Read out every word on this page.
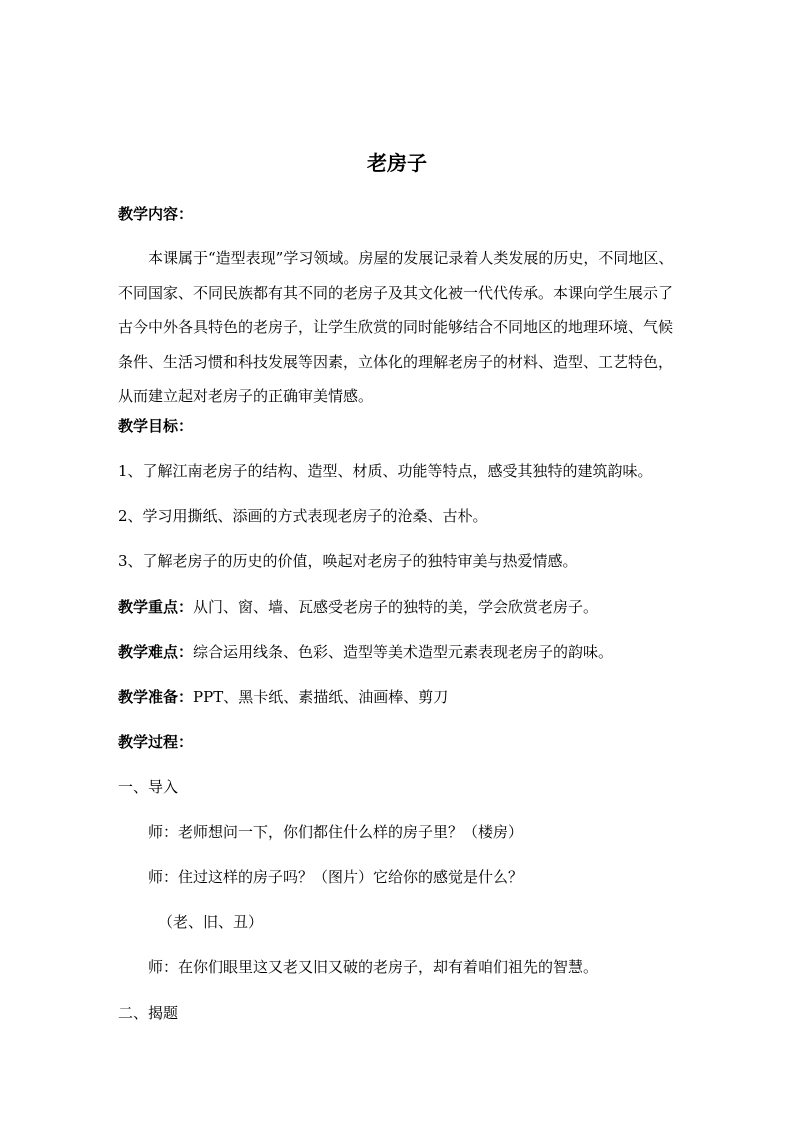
老房子
教学内容：
本课属于“造型表现”学习领域。房屋的发展记录着人类发展的历史，不同地区、不同国家、不同民族都有其不同的老房子及其文化被一代代传承。本课向学生展示了古今中外各具特色的老房子，让学生欣赏的同时能够结合不同地区的地理环境、气候条件、生活习惯和科技发展等因素，立体化的理解老房子的材料、造型、工艺特色，从而建立起对老房子的正确审美情感。
教学目标：
1、了解江南老房子的结构、造型、材质、功能等特点，感受其独特的建筑韵味。
2、学习用撕纸、添画的方式表现老房子的沧桑、古朴。
3、了解老房子的历史的价值，唤起对老房子的独特审美与热爱情感。
教学重点：从门、窗、墙、瓦感受老房子的独特的美，学会欣赏老房子。
教学难点：综合运用线条、色彩、造型等美术造型元素表现老房子的韵味。
教学准备：PPT、黑卡纸、素描纸、油画棒、剪刀
教学过程：
一、导入
师：老师想问一下，你们都住什么样的房子里？（楼房）
师：住过这样的房子吗？（图片）它给你的感觉是什么？
（老、旧、丑）
师：在你们眼里这又老又旧又破的老房子，却有着咱们祖先的智慧。
二、揭题
